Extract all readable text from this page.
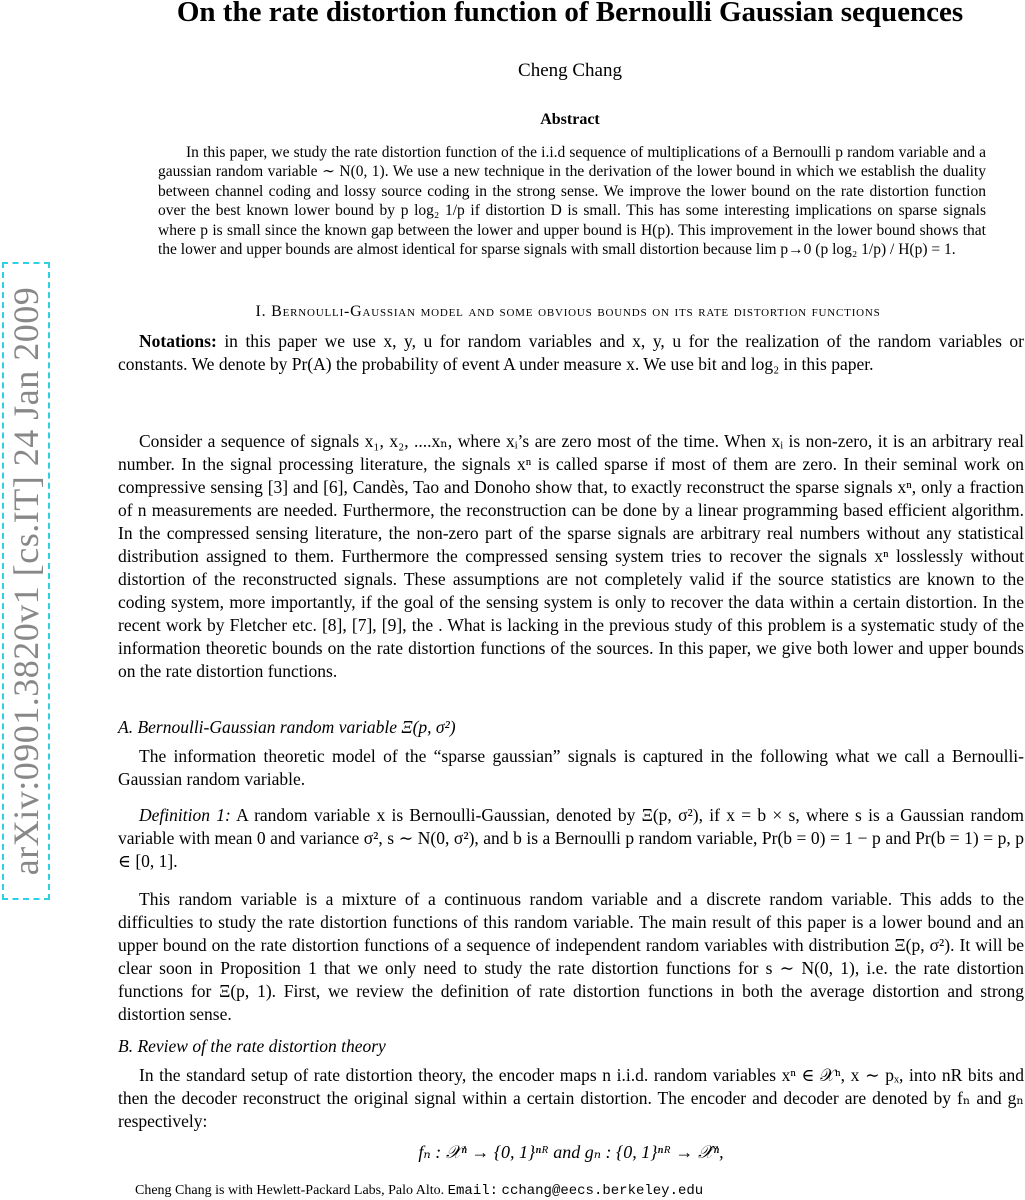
arXiv:0901.3820v1 [cs.IT] 24 Jan 2009
On the rate distortion function of Bernoulli Gaussian sequences
Cheng Chang
Abstract

In this paper, we study the rate distortion function of the i.i.d sequence of multiplications of a Bernoulli p random variable and a gaussian random variable ∼ N(0, 1). We use a new technique in the derivation of the lower bound in which we establish the duality between channel coding and lossy source coding in the strong sense. We improve the lower bound on the rate distortion function over the best known lower bound by p log₂ 1/p if distortion D is small. This has some interesting implications on sparse signals where p is small since the known gap between the lower and upper bound is H(p). This improvement in the lower bound shows that the lower and upper bounds are almost identical for sparse signals with small distortion because lim p→0 (p log₂ 1/p) / H(p) = 1.

I. Bernoulli-Gaussian model and some obvious bounds on its rate distortion functions

Notations: in this paper we use x, y, u for random variables and x, y, u for the realization of the random variables or constants. We denote by Pr(A) the probability of event A under measure x. We use bit and log₂ in this paper.

Consider a sequence of signals x₁, x₂, ....xₙ, where xᵢ’s are zero most of the time. When xᵢ is non-zero, it is an arbitrary real number. In the signal processing literature, the signals xⁿ is called sparse if most of them are zero. In their seminal work on compressive sensing [3] and [6], Candès, Tao and Donoho show that, to exactly reconstruct the sparse signals xⁿ, only a fraction of n measurements are needed. Furthermore, the reconstruction can be done by a linear programming based efficient algorithm. In the compressed sensing literature, the non-zero part of the sparse signals are arbitrary real numbers without any statistical distribution assigned to them. Furthermore the compressed sensing system tries to recover the signals xⁿ losslessly without distortion of the reconstructed signals. These assumptions are not completely valid if the source statistics are known to the coding system, more importantly, if the goal of the sensing system is only to recover the data within a certain distortion. In the recent work by Fletcher etc. [8], [7], [9], the . What is lacking in the previous study of this problem is a systematic study of the information theoretic bounds on the rate distortion functions of the sources. In this paper, we give both lower and upper bounds on the rate distortion functions.

A. Bernoulli-Gaussian random variable Ξ(p, σ²)

The information theoretic model of the “sparse gaussian” signals is captured in the following what we call a Bernoulli-Gaussian random variable.

Definition 1: A random variable x is Bernoulli-Gaussian, denoted by Ξ(p, σ²), if x = b × s, where s is a Gaussian random variable with mean 0 and variance σ², s ∼ N(0, σ²), and b is a Bernoulli p random variable, Pr(b = 0) = 1 − p and Pr(b = 1) = p, p ∈ [0, 1].

This random variable is a mixture of a continuous random variable and a discrete random variable. This adds to the difficulties to study the rate distortion functions of this random variable. The main result of this paper is a lower bound and an upper bound on the rate distortion functions of a sequence of independent random variables with distribution Ξ(p, σ²). It will be clear soon in Proposition 1 that we only need to study the rate distortion functions for s ∼ N(0, 1), i.e. the rate distortion functions for Ξ(p, 1). First, we review the definition of rate distortion functions in both the average distortion and strong distortion sense.

B. Review of the rate distortion theory

In the standard setup of rate distortion theory, the encoder maps n i.i.d. random variables xⁿ ∈ 𝒳ⁿ, x ∼ pₓ, into nR bits and then the decoder reconstruct the original signal within a certain distortion. The encoder and decoder are denoted by fₙ and gₙ respectively:

fₙ : 𝒳ⁿ → {0, 1}ⁿᴿ and gₙ : {0, 1}ⁿᴿ → 𝒳̂ⁿ,
Cheng Chang is with Hewlett-Packard Labs, Palo Alto. Email: cchang@eecs.berkeley.edu
